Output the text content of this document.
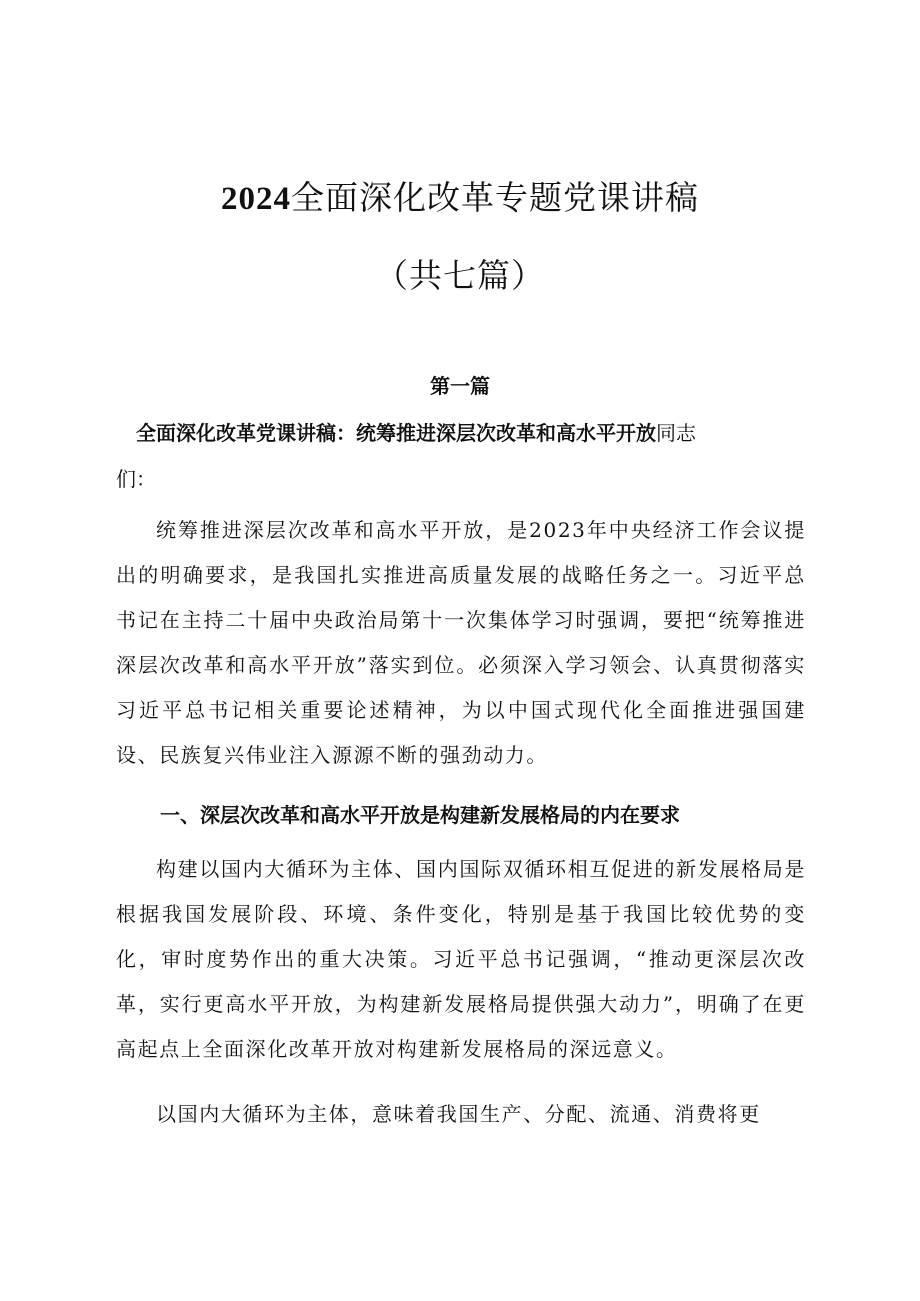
2024全面深化改革专题党课讲稿
（共七篇）
第一篇
全面深化改革党课讲稿：统筹推进深层次改革和高水平开放同志
们：

统筹推进深层次改革和高水平开放，是2023年中央经济工作会议提出的明确要求，是我国扎实推进高质量发展的战略任务之一。习近平总书记在主持二十届中央政治局第十一次集体学习时强调，要把“统筹推进深层次改革和高水平开放”落实到位。必须深入学习领会、认真贯彻落实习近平总书记相关重要论述精神，为以中国式现代化全面推进强国建设、民族复兴伟业注入源源不断的强劲动力。

一、深层次改革和高水平开放是构建新发展格局的内在要求

构建以国内大循环为主体、国内国际双循环相互促进的新发展格局是根据我国发展阶段、环境、条件变化，特别是基于我国比较优势的变化，审时度势作出的重大决策。习近平总书记强调，“推动更深层次改革，实行更高水平开放，为构建新发展格局提供强大动力”，明确了在更高起点上全面深化改革开放对构建新发展格局的深远意义。

以国内大循环为主体，意味着我国生产、分配、流通、消费将更
